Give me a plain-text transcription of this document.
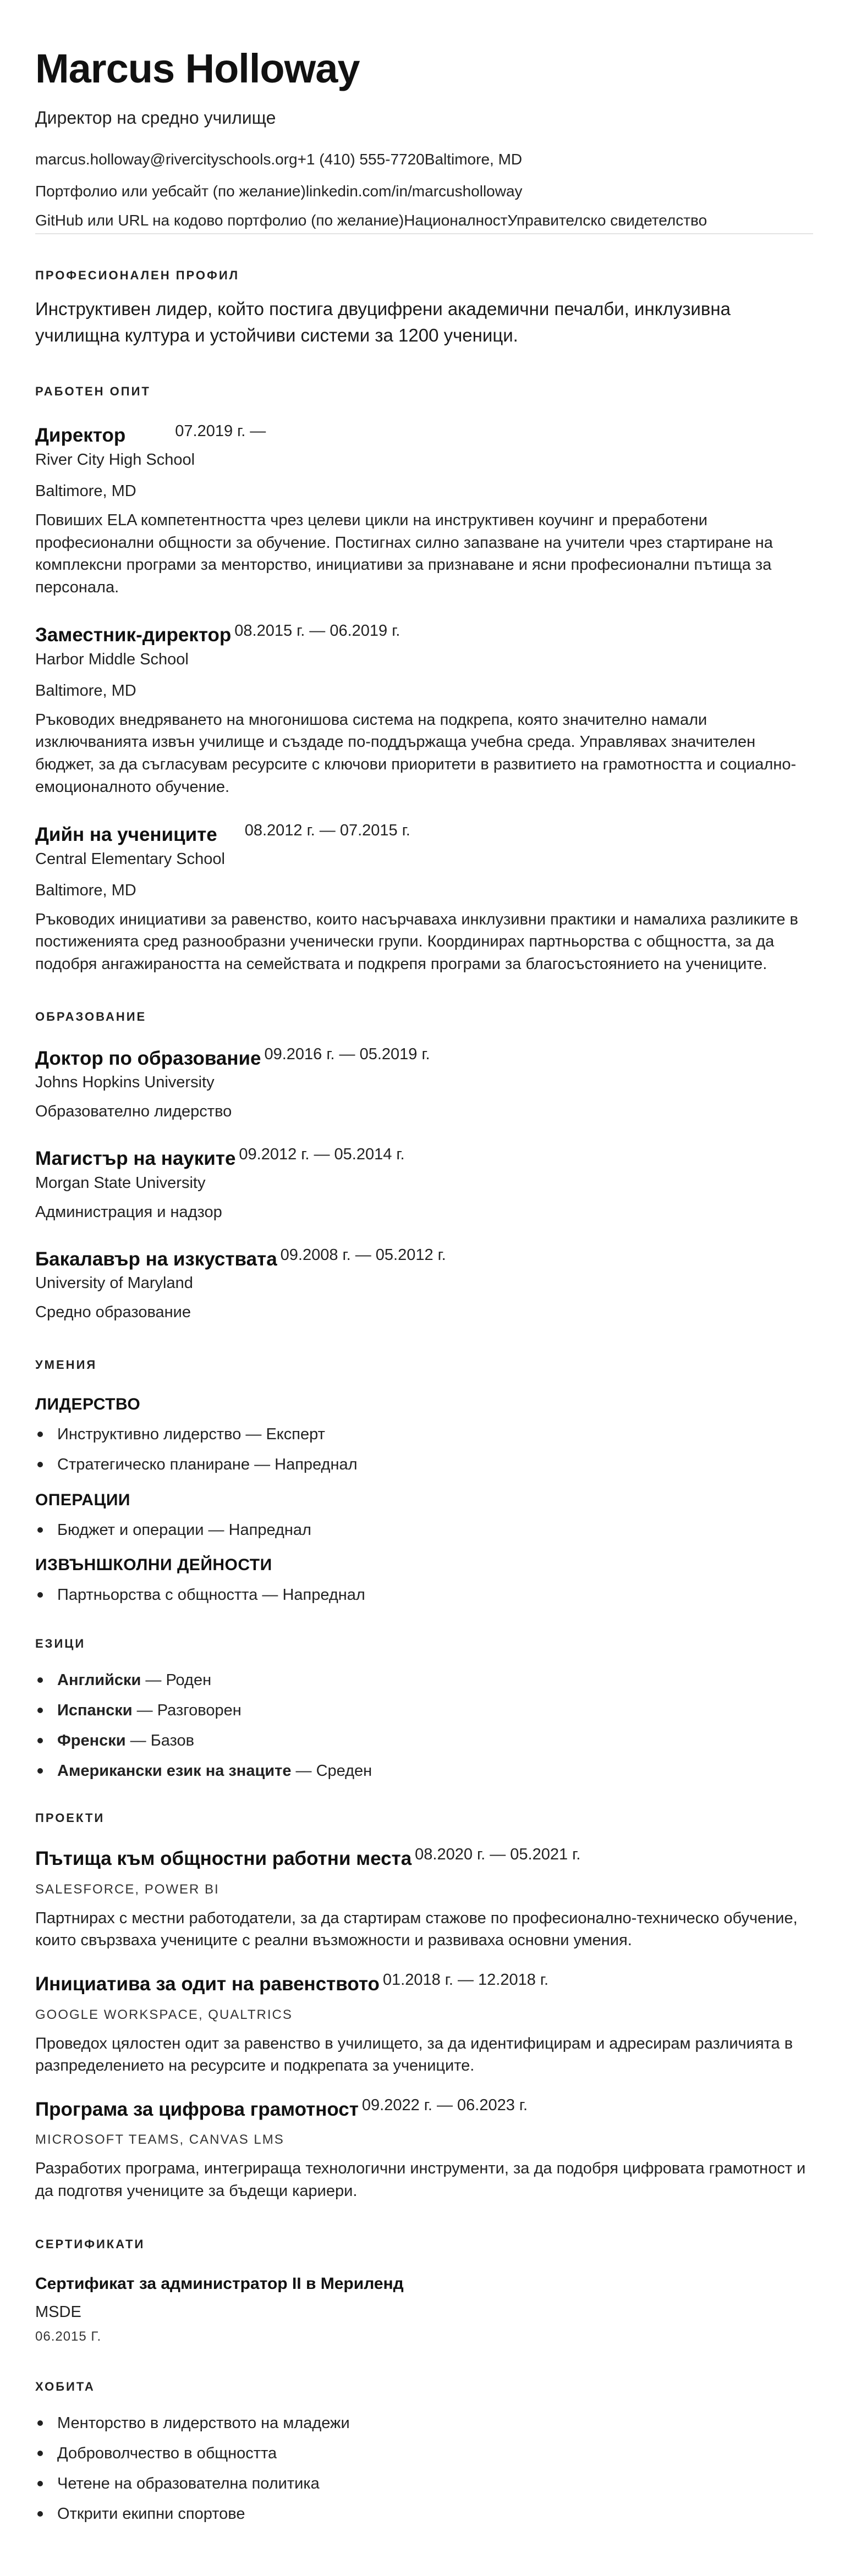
Marcus Holloway
Директор на средно училище
marcus.holloway@rivercityschools.org+1 (410) 555-7720Baltimore, MD
Портфолио или уебсайт (по желание)linkedin.com/in/marcusholloway
GitHub или URL на кодово портфолио (по желание)НационалностУправителско свидетелство
ПРОФЕСИОНАЛЕН ПРОФИЛ
Инструктивен лидер, който постига двуцифрени академични печалби, инклузивна училищна култура и устойчиви системи за 1200 ученици.
РАБОТЕН ОПИТ
Директор	07.2019 г. —
River City High School
Baltimore, MD
Повиших ELA компетентността чрез целеви цикли на инструктивен коучинг и преработени професионални общности за обучение. Постигнах силно запазване на учители чрез стартиране на комплексни програми за менторство, инициативи за признаване и ясни професионални пътища за персонала.
Заместник-директор 08.2015 г. — 06.2019 г.
Harbor Middle School
Baltimore, MD
Ръководих внедряването на многонишова система на подкрепа, която значително намали изключванията извън училище и създаде по-поддържаща учебна среда. Управлявах значителен бюджет, за да съгласувам ресурсите с ключови приоритети в развитието на грамотността и социално-емоционалното обучение.
Дийн на учениците 08.2012 г. — 07.2015 г.
Central Elementary School
Baltimore, MD
Ръководих инициативи за равенство, които насърчаваха инклузивни практики и намалиха разликите в постиженията сред разнообразни ученически групи. Координирах партньорства с общността, за да подобря ангажираността на семействата и подкрепя програми за благосъстоянието на учениците.
ОБРАЗОВАНИЕ
Доктор по образование 09.2016 г. — 05.2019 г.
Johns Hopkins University
Образователно лидерство
Магистър на науките 09.2012 г. — 05.2014 г.
Morgan State University
Администрация и надзор
Бакалавър на изкуствата 09.2008 г. — 05.2012 г.
University of Maryland
Средно образование
УМЕНИЯ
ЛИДЕРСТВО
Инструктивно лидерство — Експерт
Стратегическо планиране — Напреднал
ОПЕРАЦИИ
Бюджет и операции — Напреднал
ИЗВЪНШКОЛНИ ДЕЙНОСТИ
Партньорства с общността — Напреднал
ЕЗИЦИ
Английски — Роден
Испански — Разговорен
Френски — Базов
Американски език на знаците — Среден
ПРОЕКТИ
Пътища към общностни работни места 08.2020 г. — 05.2021 г.
SALESFORCE, POWER BI
Партнирах с местни работодатели, за да стартирам стажове по професионално-техническо обучение, които свързваха учениците с реални възможности и развиваха основни умения.
Инициатива за одит на равенството 01.2018 г. — 12.2018 г.
GOOGLE WORKSPACE, QUALTRICS
Проведох цялостен одит за равенство в училището, за да идентифицирам и адресирам различията в разпределението на ресурсите и подкрепата за учениците.
Програма за цифрова грамотност 09.2022 г. — 06.2023 г.
MICROSOFT TEAMS, CANVAS LMS
Разработих програма, интегрираща технологични инструменти, за да подобря цифровата грамотност и да подготвя учениците за бъдещи кариери.
СЕРТИФИКАТИ
Сертификат за администратор II в Мериленд
MSDE
06.2015 Г.
ХОБИТА
Менторство в лидерството на младежи
Доброволчество в общността
Четене на образователна политика
Открити екипни спортове
